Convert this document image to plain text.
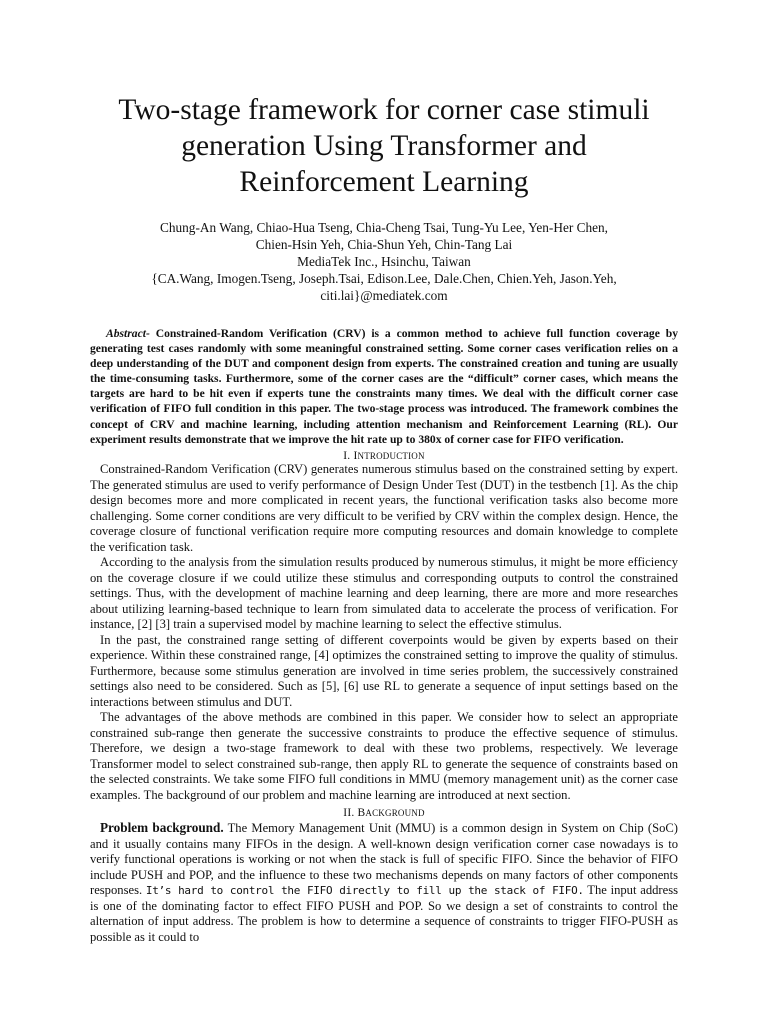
Two-stage framework for corner case stimuli
generation Using Transformer and
Reinforcement Learning
Chung-An Wang, Chiao-Hua Tseng, Chia-Cheng Tsai, Tung-Yu Lee, Yen-Her Chen,
Chien-Hsin Yeh, Chia-Shun Yeh, Chin-Tang Lai
MediaTek Inc., Hsinchu, Taiwan
{CA.Wang, Imogen.Tseng, Joseph.Tsai, Edison.Lee, Dale.Chen, Chien.Yeh, Jason.Yeh,
citi.lai}@mediatek.com
Abstract- Constrained-Random Verification (CRV) is a common method to achieve full function coverage by generating test cases randomly with some meaningful constrained setting. Some corner cases verification relies on a deep understanding of the DUT and component design from experts. The constrained creation and tuning are usually the time-consuming tasks. Furthermore, some of the corner cases are the “difficult” corner cases, which means the targets are hard to be hit even if experts tune the constraints many times. We deal with the difficult corner case verification of FIFO full condition in this paper. The two-stage process was introduced. The framework combines the concept of CRV and machine learning, including attention mechanism and Reinforcement Learning (RL). Our experiment results demonstrate that we improve the hit rate up to 380x of corner case for FIFO verification.
I. INTRODUCTION

Constrained-Random Verification (CRV) generates numerous stimulus based on the constrained setting by expert. The generated stimulus are used to verify performance of Design Under Test (DUT) in the testbench [1]. As the chip design becomes more and more complicated in recent years, the functional verification tasks also become more challenging. Some corner conditions are very difficult to be verified by CRV within the complex design. Hence, the coverage closure of functional verification require more computing resources and domain knowledge to complete the verification task.

According to the analysis from the simulation results produced by numerous stimulus, it might be more efficiency on the coverage closure if we could utilize these stimulus and corresponding outputs to control the constrained settings. Thus, with the development of machine learning and deep learning, there are more and more researches about utilizing learning-based technique to learn from simulated data to accelerate the process of verification. For instance, [2] [3] train a supervised model by machine learning to select the effective stimulus.

In the past, the constrained range setting of different coverpoints would be given by experts based on their experience. Within these constrained range, [4] optimizes the constrained setting to improve the quality of stimulus. Furthermore, because some stimulus generation are involved in time series problem, the successively constrained settings also need to be considered. Such as [5], [6] use RL to generate a sequence of input settings based on the interactions between stimulus and DUT.

The advantages of the above methods are combined in this paper. We consider how to select an appropriate constrained sub-range then generate the successive constraints to produce the effective sequence of stimulus. Therefore, we design a two-stage framework to deal with these two problems, respectively. We leverage Transformer model to select constrained sub-range, then apply RL to generate the sequence of constraints based on the selected constraints. We take some FIFO full conditions in MMU (memory management unit) as the corner case examples. The background of our problem and machine learning are introduced at next section.

II. BACKGROUND

Problem background. The Memory Management Unit (MMU) is a common design in System on Chip (SoC) and it usually contains many FIFOs in the design. A well-known design verification corner case nowadays is to verify functional operations is working or not when the stack is full of specific FIFO. Since the behavior of FIFO include PUSH and POP, and the influence to these two mechanisms depends on many factors of other components responses. It’s hard to control the FIFO directly to fill up the stack of FIFO. The input address is one of the dominating factor to effect FIFO PUSH and POP. So we design a set of constraints to control the alternation of input address. The problem is how to determine a sequence of constraints to trigger FIFO-PUSH as possible as it could to
